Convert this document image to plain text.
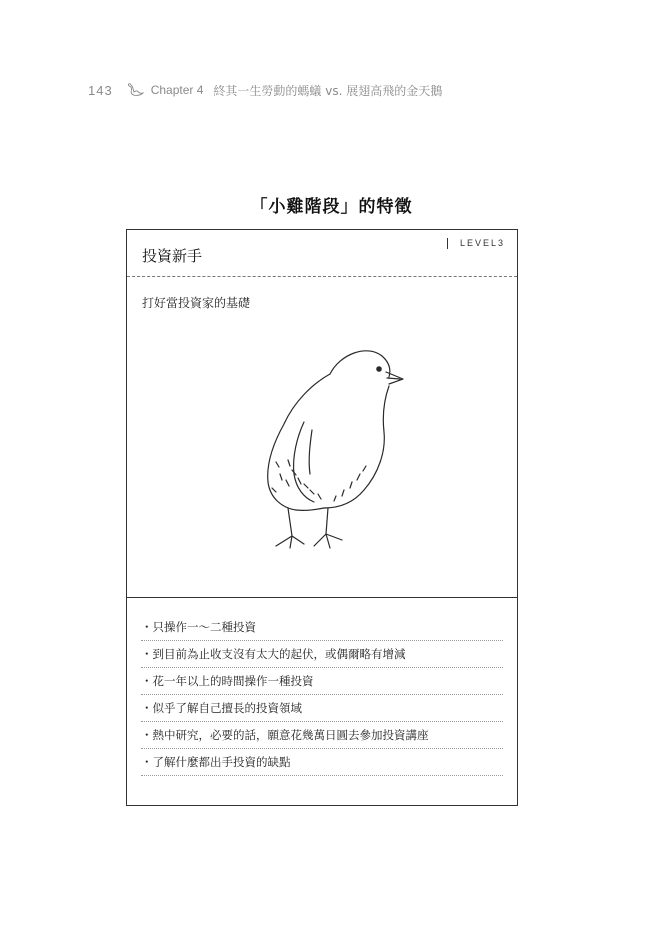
143	Chapter 4 終其一生勞動的螞蟻 vs. 展翅高飛的金天鵝
「小雞階段」的特徵
投資新手
LEVEL3
打好當投資家的基礎
・只操作一～二種投資
・到目前為止收支沒有太大的起伏，或偶爾略有增減
・花一年以上的時間操作一種投資
・似乎了解自己擅長的投資領域
・熱中研究，必要的話，願意花幾萬日圓去參加投資講座
・了解什麼都出手投資的缺點
